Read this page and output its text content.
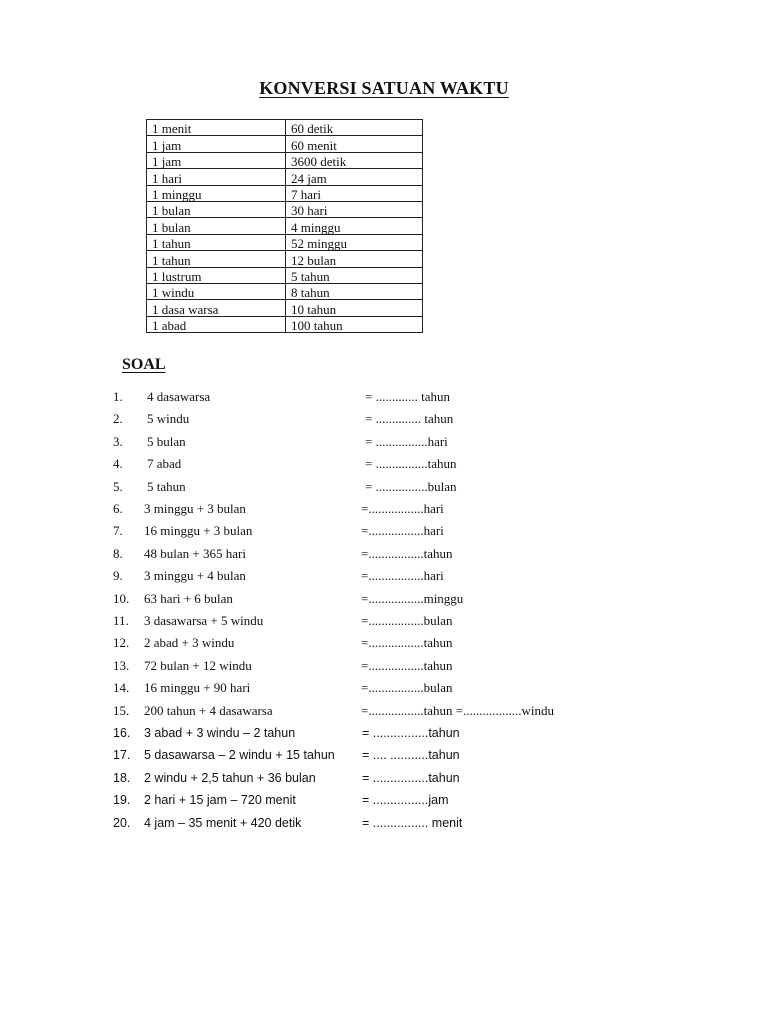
KONVERSI SATUAN WAKTU
1 menit	60 detik
1 jam	60 menit
1 jam	3600 detik
1 hari	24 jam
1 minggu	7 hari
1 bulan	30 hari
1 bulan	4 minggu
1 tahun	52 minggu
1 tahun	12 bulan
1 lustrum	5 tahun
1 windu	8 tahun
1 dasa warsa	10 tahun
1 abad	100 tahun
SOAL
1. 4 dasawarsa	= ............. tahun
2. 5 windu	= .............. tahun
3. 5 bulan	= ................hari
4. 7 abad	= ................tahun
5. 5 tahun	= ................bulan
6. 3 minggu + 3 bulan	=.................hari
7. 16 minggu + 3 bulan	=.................hari
8. 48 bulan + 365 hari	=.................tahun
9. 3 minggu + 4 bulan	=.................hari
10. 63 hari + 6 bulan	=.................minggu
11. 3 dasawarsa + 5 windu	=.................bulan
12. 2 abad + 3 windu	=.................tahun
13. 72 bulan + 12 windu	=.................tahun
14. 16 minggu + 90 hari	=.................bulan
15. 200 tahun + 4 dasawarsa	=.................tahun =..................windu
16. 3 abad + 3 windu – 2 tahun	= ................tahun
17. 5 dasawarsa – 2 windu + 15 tahun = .... ...........tahun
18. 2 windu + 2,5 tahun + 36 bulan	= ................tahun
19. 2 hari + 15 jam – 720 menit	= ................jam
20. 4 jam – 35 menit + 420 detik	= ................ menit
